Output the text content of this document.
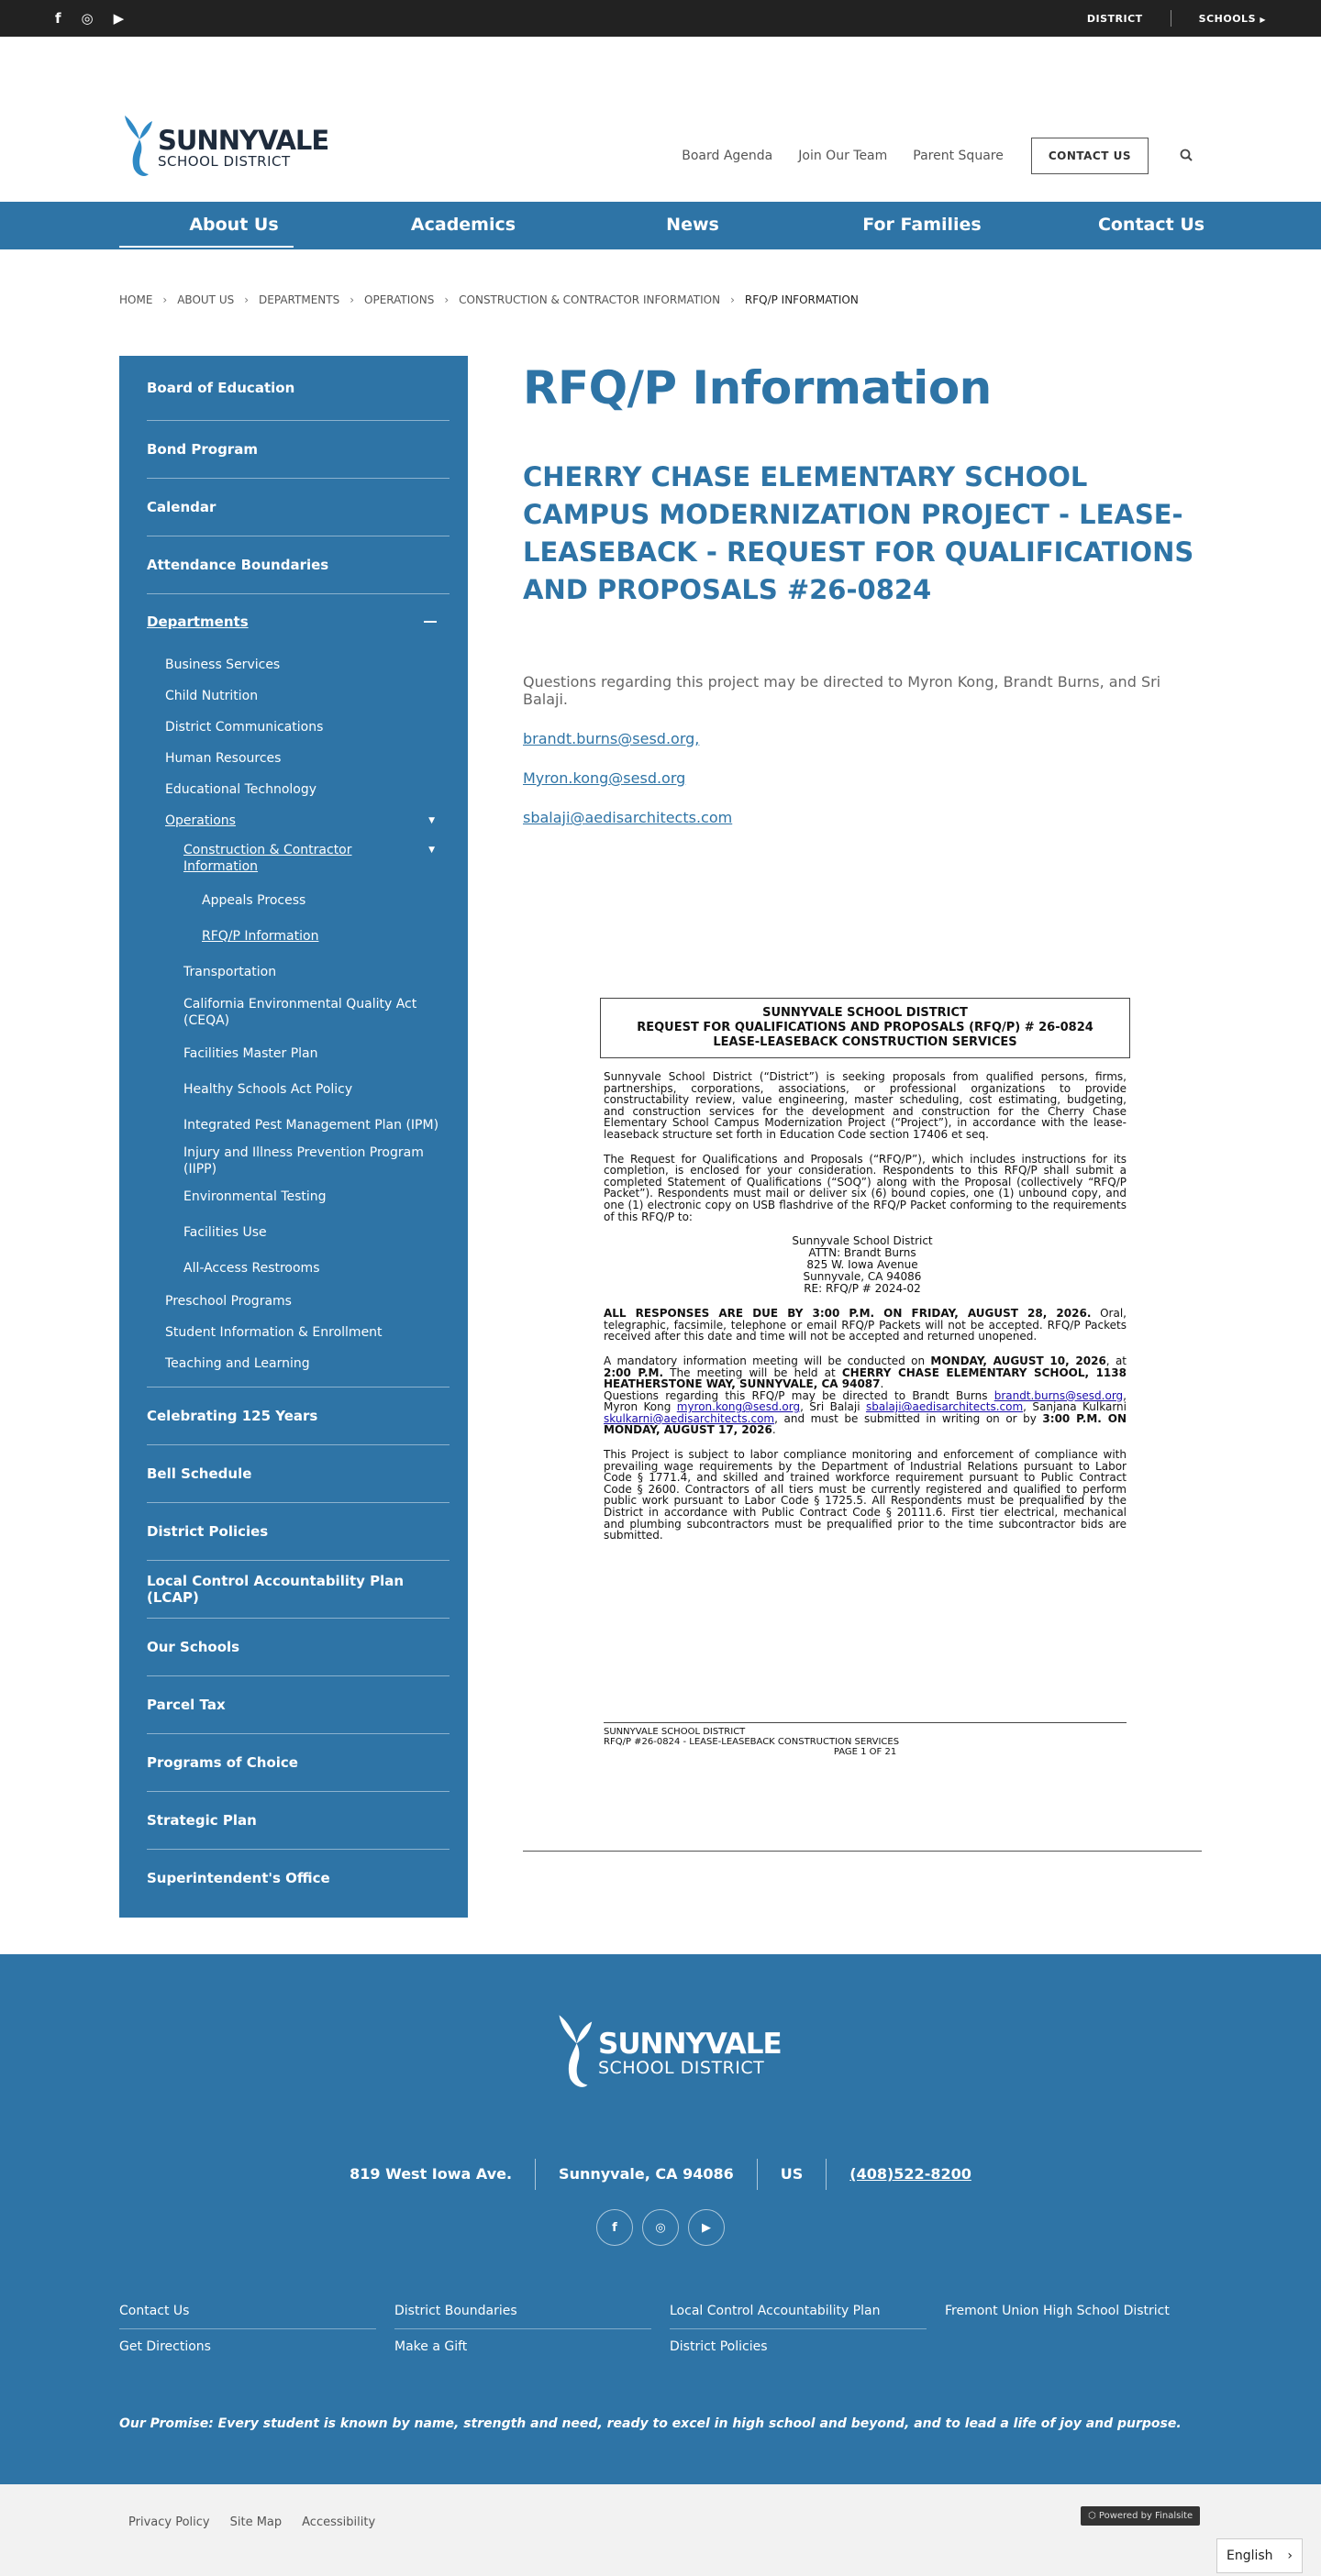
f ◎ ▶	DISTRICT	SCHOOLS ▶
SUNNYVALE
SCHOOL DISTRICT	Board Agenda Join Our Team Parent Square	CONTACT US
About Us	Academics	News	For Families	Contact Us
HOME › ABOUT US › DEPARTMENTS › OPERATIONS › CONSTRUCTION & CONTRACTOR INFORMATION › RFQ/P INFORMATION
Board of Education
Bond Program
Calendar
Attendance Boundaries
Departments
Business Services
Child Nutrition
District Communications
Human Resources
Educational Technology
Operations	▼
Construction & Contractor Information
▼
Appeals Process
RFQ/P Information
Transportation
California Environmental Quality Act (CEQA)
Facilities Master Plan
Healthy Schools Act Policy
Integrated Pest Management Plan (IPM)
Injury and Illness Prevention Program (IIPP)
Environmental Testing
Facilities Use
All-Access Restrooms
Preschool Programs
Student Information & Enrollment
Teaching and Learning
Celebrating 125 Years
Bell Schedule
District Policies
Local Control Accountability Plan (LCAP)
Our Schools
Parcel Tax
Programs of Choice
Strategic Plan
Superintendent's Office
RFQ/P Information
CHERRY CHASE ELEMENTARY SCHOOL CAMPUS MODERNIZATION PROJECT - LEASE-LEASEBACK - REQUEST FOR QUALIFICATIONS AND PROPOSALS #26-0824
Questions regarding this project may be directed to Myron Kong, Brandt Burns, and Sri Balaji.
brandt.burns@sesd.org,
Myron.kong@sesd.org
sbalaji@aedisarchitects.com
SUNNYVALE SCHOOL DISTRICT
REQUEST FOR QUALIFICATIONS AND PROPOSALS (RFQ/P) # 26-0824
LEASE-LEASEBACK CONSTRUCTION SERVICES

Sunnyvale School District (“District”) is seeking proposals from qualified persons, firms, partnerships, corporations, associations, or professional organizations to provide constructability review, value engineering, master scheduling, cost estimating, budgeting, and construction services for the development and construction for the Cherry Chase Elementary School Campus Modernization Project (“Project”), in accordance with the lease-leaseback structure set forth in Education Code section 17406 et seq.

The Request for Qualifications and Proposals (“RFQ/P”), which includes instructions for its completion, is enclosed for your consideration. Respondents to this RFQ/P shall submit a completed Statement of Qualifications (“SOQ”) along with the Proposal (collectively “RFQ/P Packet”). Respondents must mail or deliver six (6) bound copies, one (1) unbound copy, and one (1) electronic copy on USB flashdrive of the RFQ/P Packet conforming to the requirements of this RFQ/P to:

Sunnyvale School District
ATTN: Brandt Burns
825 W. Iowa Avenue
Sunnyvale, CA 94086
RE: RFQ/P # 2024-02

ALL RESPONSES ARE DUE BY 3:00 P.M. ON FRIDAY, AUGUST 28, 2026. Oral, telegraphic, facsimile, telephone or email RFQ/P Packets will not be accepted. RFQ/P Packets received after this date and time will not be accepted and returned unopened.

A mandatory information meeting will be conducted on MONDAY, AUGUST 10, 2026, at 2:00 P.M. The meeting will be held at CHERRY CHASE ELEMENTARY SCHOOL, 1138 HEATHERSTONE WAY, SUNNYVALE, CA 94087.

Questions regarding this RFQ/P may be directed to Brandt Burns brandt.burns@sesd.org, Myron Kong myron.kong@sesd.org, Sri Balaji sbalaji@aedisarchitects.com, Sanjana Kulkarni skulkarni@aedisarchitects.com, and must be submitted in writing on or by 3:00 P.M. ON MONDAY, AUGUST 17, 2026.

This Project is subject to labor compliance monitoring and enforcement of compliance with prevailing wage requirements by the Department of Industrial Relations pursuant to Labor Code § 1771.4, and skilled and trained workforce requirement pursuant to Public Contract Code § 2600. Contractors of all tiers must be currently registered and qualified to perform public work pursuant to Labor Code § 1725.5. All Respondents must be prequalified by the District in accordance with Public Contract Code § 20111.6. First tier electrical, mechanical and plumbing subcontractors must be prequalified prior to the time subcontractor bids are submitted.

SUNNYVALE SCHOOL DISTRICT
RFQ/P #26-0824 - LEASE-LEASEBACK CONSTRUCTION SERVICES
PAGE 1 OF 21
SUNNYVALE
SCHOOL DISTRICT
819 West Iowa Ave.	Sunnyvale, CA 94086	US	(408)522-8200
f	◎	▶
Contact Us	District Boundaries	Local Control Accountability Plan	Fremont Union High School District
Get Directions	Make a Gift	District Policies
Our Promise: Every student is known by name, strength and need, ready to excel in high school and beyond, and to lead a life of joy and purpose.
Privacy Policy Site Map Accessibility	⬡ Powered by Finalsite
English ›
